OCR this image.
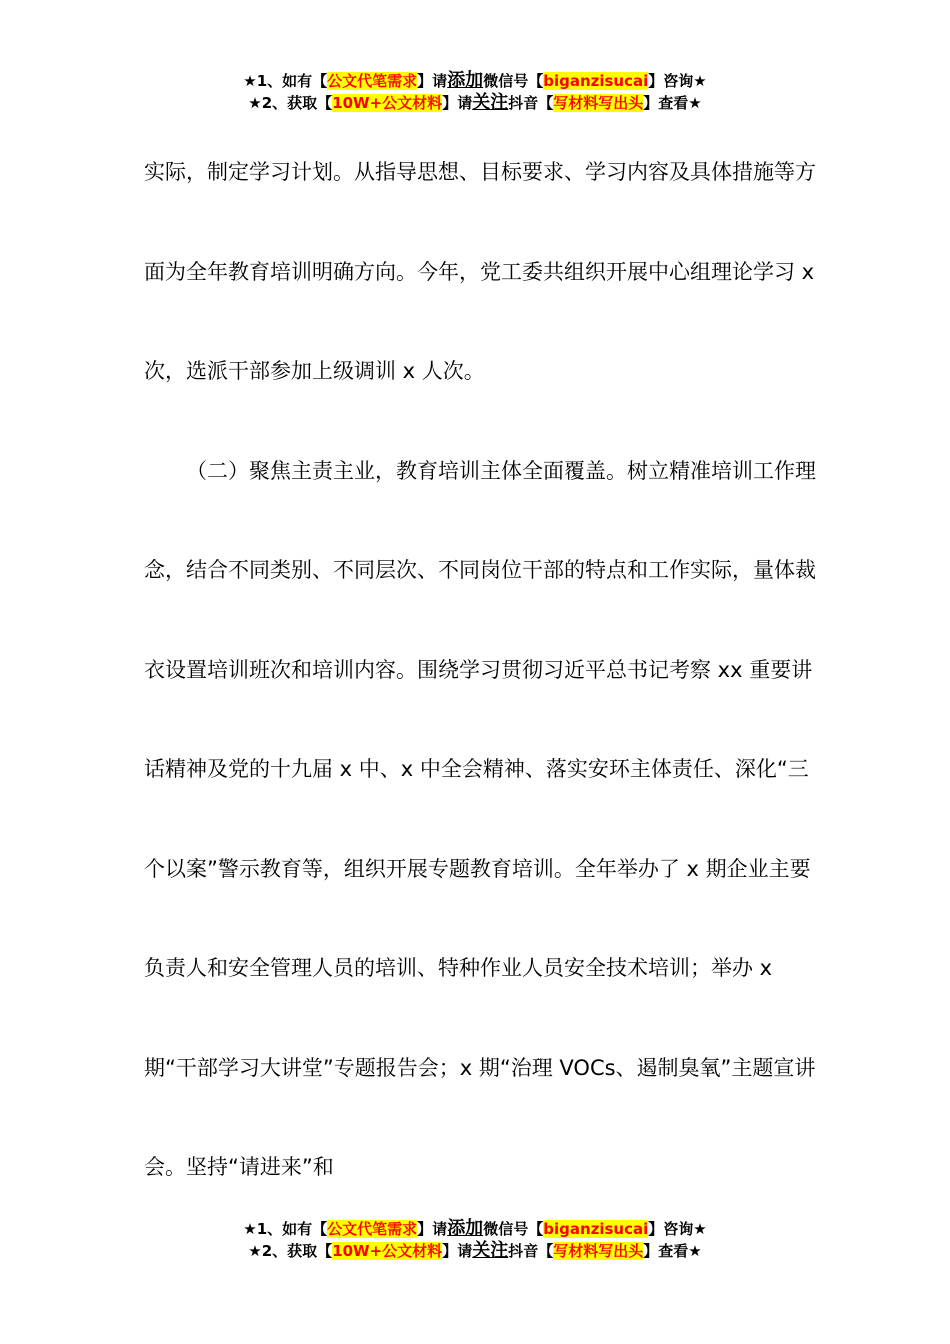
★1、如有【公文代笔需求】请添加微信号【biganzisucai】咨询★
★2、获取【10W+公文材料】请关注抖音【写材料写出头】查看★

实际，制定学习计划。从指导思想、目标要求、学习内容及具体措施等方面为全年教育培训明确方向。今年，党工委共组织开展中心组理论学习 x 次，选派干部参加上级调训 x 人次。

（二）聚焦主责主业，教育培训主体全面覆盖。树立精准培训工作理念，结合不同类别、不同层次、不同岗位干部的特点和工作实际，量体裁衣设置培训班次和培训内容。围绕学习贯彻习近平总书记考察 xx 重要讲话精神及党的十九届 x 中、x 中全会精神、落实安环主体责任、深化“三个以案”警示教育等，组织开展专题教育培训。全年举办了 x 期企业主要负责人和安全管理人员的培训、特种作业人员安全技术培训；举办 x 期“干部学习大讲堂”专题报告会；x 期“治理 VOCs、遏制臭氧”主题宣讲会。坚持“请进来”和

★1、如有【公文代笔需求】请添加微信号【biganzisucai】咨询★
★2、获取【10W+公文材料】请关注抖音【写材料写出头】查看★
